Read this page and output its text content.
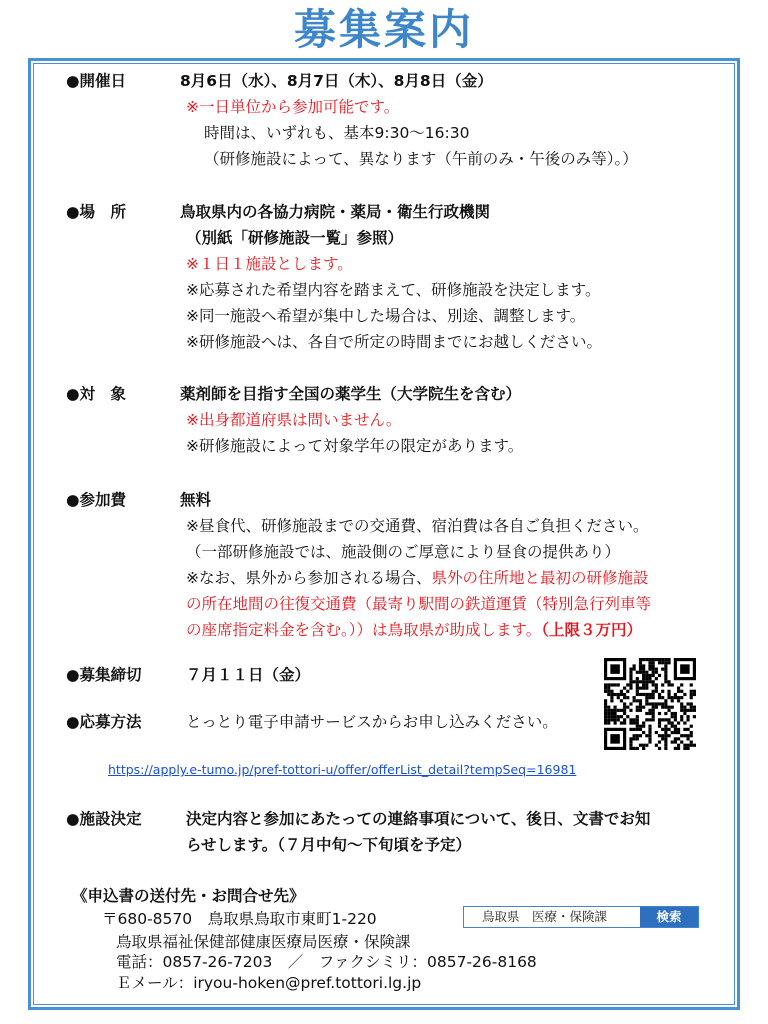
募集案内
●開催日	8月6日（水）、8月7日（木）、8月8日（金）
※一日単位から参加可能です。
時間は、いずれも、基本9:30〜16:30
（研修施設によって、異なります（午前のみ・午後のみ等）。）
●場　所	鳥取県内の各協力病院・薬局・衛生行政機関
（別紙「研修施設一覧」参照）
※１日１施設とします。
※応募された希望内容を踏まえて、研修施設を決定します。
※同一施設へ希望が集中した場合は、別途、調整します。
※研修施設へは、各自で所定の時間までにお越しください。
●対　象	薬剤師を目指す全国の薬学生（大学院生を含む）
※出身都道府県は問いません。
※研修施設によって対象学年の限定があります。
●参加費	無料
※昼食代、研修施設までの交通費、宿泊費は各自ご負担ください。
（一部研修施設では、施設側のご厚意により昼食の提供あり）
※なお、県外から参加される場合、県外の住所地と最初の研修施設
の所在地間の往復交通費（最寄り駅間の鉄道運賃（特別急行列車等
の座席指定料金を含む。））は鳥取県が助成します。（上限３万円）
●募集締切	７月１１日（金）
●応募方法	とっとり電子申請サービスからお申し込みください。
https://apply.e-tumo.jp/pref-tottori-u/offer/offerList_detail?tempSeq=16981
●施設決定	決定内容と参加にあたっての連絡事項について、後日、文書でお知
らせします。（７月中旬〜下旬頃を予定）
《申込書の送付先・お問合せ先》
〒680-8570　鳥取県鳥取市東町1-220
鳥取県福祉保健部健康医療局医療・保険課
電話：0857-26-7203　／　ファクシミリ：0857-26-8168
Ｅメール：iryou-hoken@pref.tottori.lg.jp
鳥取県　医療・保険課	検索
